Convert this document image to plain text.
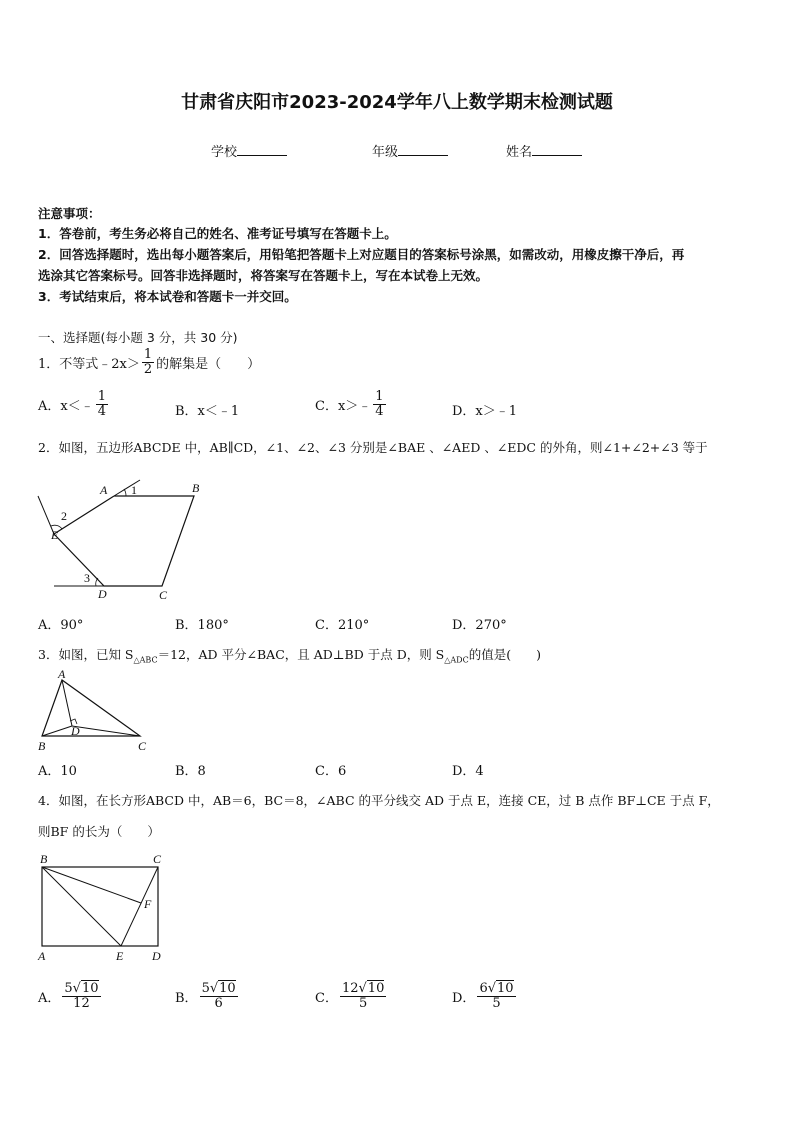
甘肃省庆阳市2023-2024学年八上数学期末检测试题
学校	年级	姓名
注意事项：
1．答卷前，考生务必将自己的姓名、准考证号填写在答题卡上。
2．回答选择题时，选出每小题答案后，用铅笔把答题卡上对应题目的答案标号涂黑，如需改动，用橡皮擦干净后，再
选涂其它答案标号。回答非选择题时，将答案写在答题卡上，写在本试卷上无效。
3．考试结束后，将本试卷和答题卡一并交回。
一、选择题(每小题 3 分，共 30 分)
1．不等式﹣2x＞ $\frac{1}{2}$ 的解集是（　　）
A．x＜﹣ $\frac{1}{4}$	B．x＜﹣1	C．x＞﹣ $\frac{1}{4}$	D．x＞﹣1
2．如图，五边形ABCDE 中，AB∥CD，∠1、∠2、∠3 分别是∠BAE 、∠AED 、∠EDC 的外角，则∠1+∠2+∠3 等于
A	B
C
D
E
1
2
3
A．90°	B．180°	C．210°	D．270°
3．如图，已知 $S_{\triangle ABC}=12$，AD 平分∠BAC，且 AD⊥BD 于点 D，则 $S_{\triangle ADC}$的值是(　　)
A
B	C
D
A．10	B．8	C．6	D．4
4．如图，在长方形ABCD 中，AB＝6，BC＝8，∠ABC 的平分线交 AD 于点 E，连接 CE，过 B 点作 BF⊥CE 于点 F，
则BF 的长为（　　）
B	C
A	E D
F
A． $\frac{5√10}{12}$	B． $\frac{5√10}{6}$	C． $\frac{12√10}{5}$	D． $\frac{6√10}{5}$
